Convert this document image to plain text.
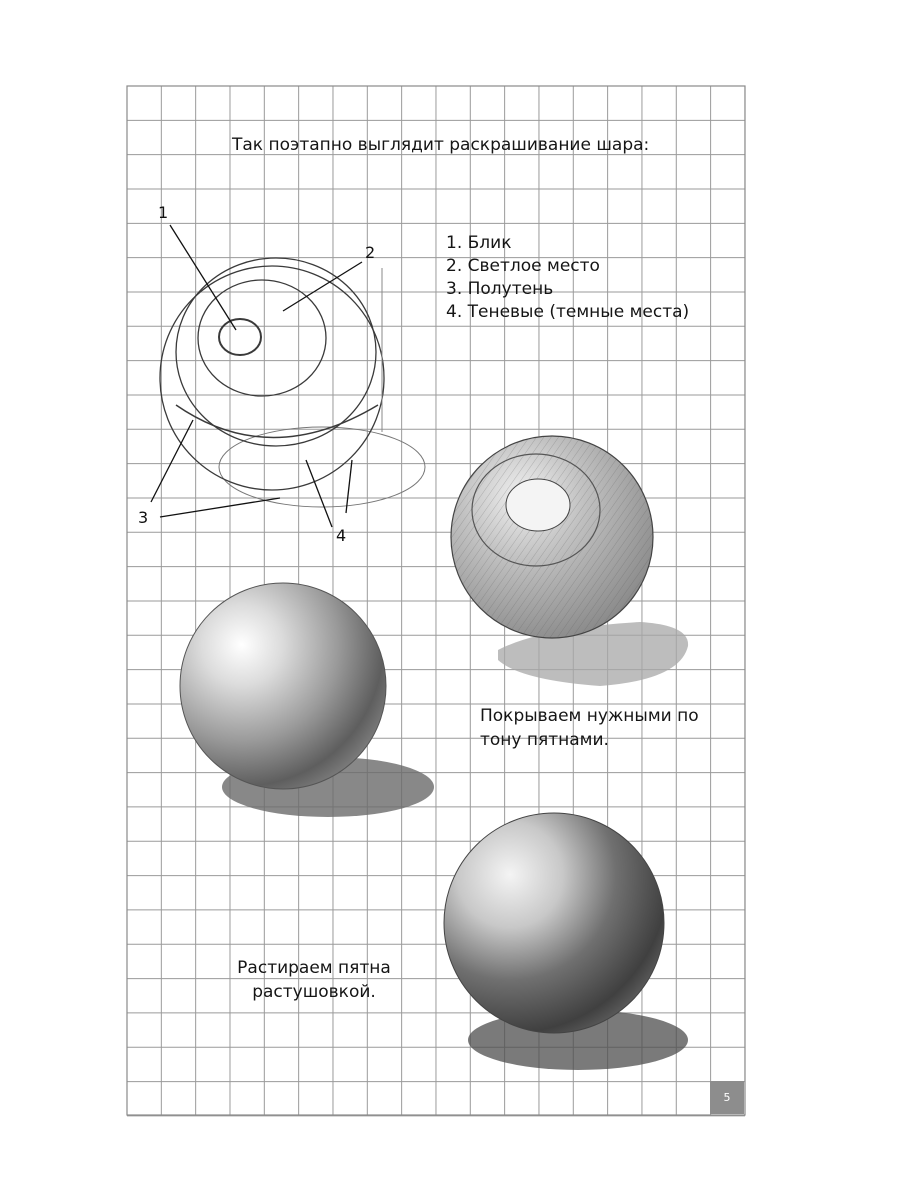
Так поэтапно выглядит раскрашивание шара:
1. Блик
2. Светлое место
3. Полутень
4. Теневые (темные места)
1
2
3
4
Покрываем нужными по тону пятнами.
Растираем пятна растушовкой.
5
